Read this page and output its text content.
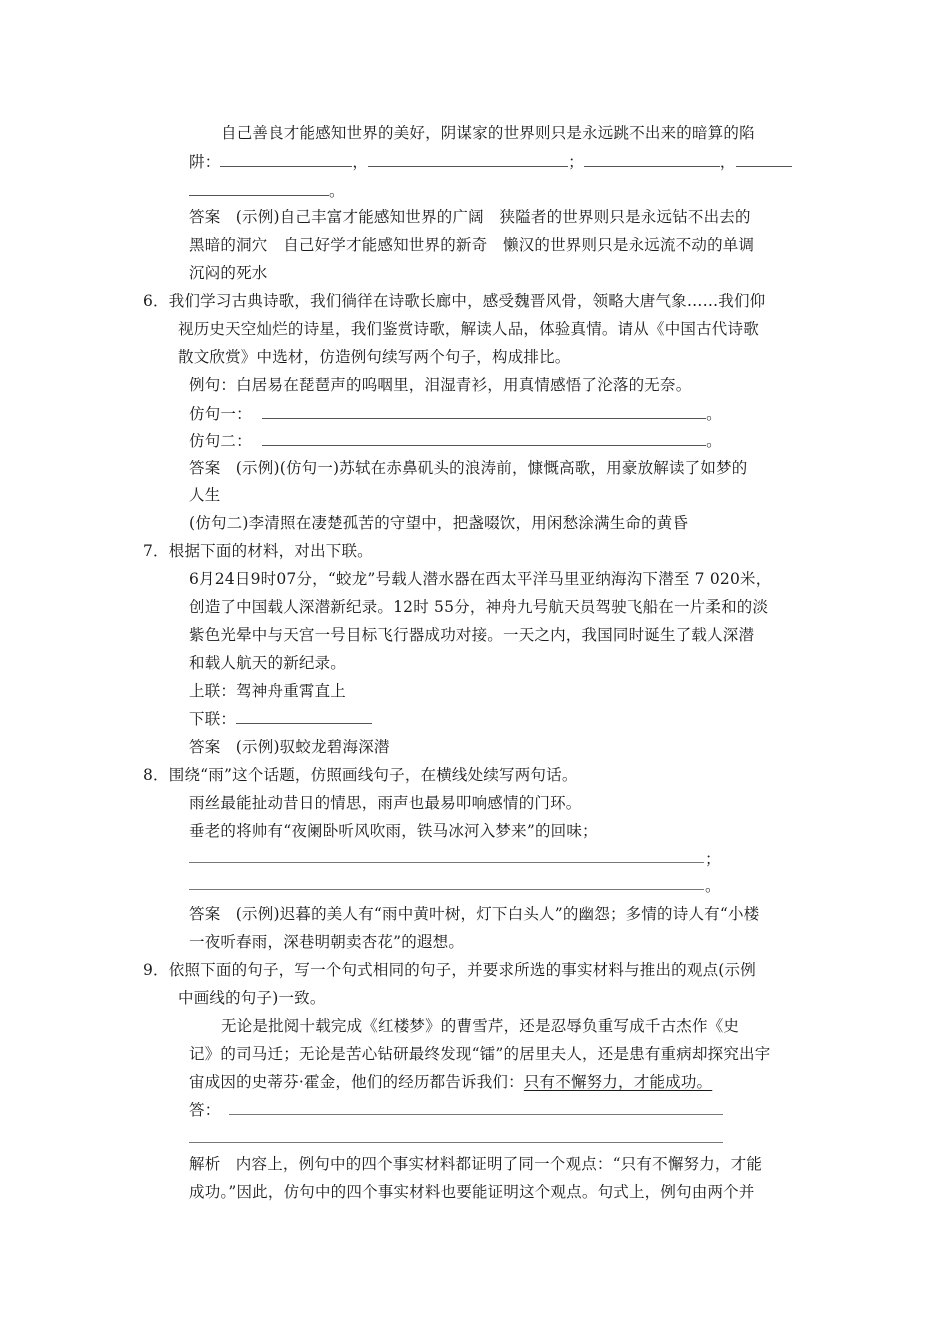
自己善良才能感知世界的美好，阴谋家的世界则只是永远跳不出来的暗算的陷
阱：	，	；	，
。
答案 (示例)自己丰富才能感知世界的广阔　狭隘者的世界则只是永远钻不出去的
黑暗的洞穴　自己好学才能感知世界的新奇　懒汉的世界则只是永远流不动的单调
沉闷的死水
6．我们学习古典诗歌，我们徜徉在诗歌长廊中，感受魏晋风骨，领略大唐气象……我们仰
视历史天空灿烂的诗星，我们鉴赏诗歌，解读人品，体验真情。请从《中国古代诗歌
散文欣赏》中选材，仿造例句续写两个句子，构成排比。
例句：白居易在琵琶声的呜咽里，泪湿青衫，用真情感悟了沦落的无奈。
仿句一：	。
仿句二：	。
答案 (示例)(仿句一)苏轼在赤鼻矶头的浪涛前，慷慨高歌，用豪放解读了如梦的
人生
(仿句二)李清照在凄楚孤苦的守望中，把盏啜饮，用闲愁涂满生命的黄昏
7．根据下面的材料，对出下联。
6月24日9时07分，“蛟龙”号载人潜水器在西太平洋马里亚纳海沟下潜至 7 020米，
创造了中国载人深潜新纪录。12时 55分，神舟九号航天员驾驶飞船在一片柔和的淡
紫色光晕中与天宫一号目标飞行器成功对接。一天之内，我国同时诞生了载人深潜
和载人航天的新纪录。
上联：驾神舟重霄直上
下联：
答案 (示例)驭蛟龙碧海深潜
8．围绕“雨”这个话题，仿照画线句子，在横线处续写两句话。
雨丝最能扯动昔日的情思，雨声也最易叩响感情的门环。
垂老的将帅有“夜阑卧听风吹雨，铁马冰河入梦来”的回味；
；
。
答案 (示例)迟暮的美人有“雨中黄叶树，灯下白头人”的幽怨；多情的诗人有“小楼
一夜听春雨，深巷明朝卖杏花”的遐想。
9．依照下面的句子，写一个句式相同的句子，并要求所选的事实材料与推出的观点(示例
中画线的句子)一致。
无论是批阅十载完成《红楼梦》的曹雪芹，还是忍辱负重写成千古杰作《史
记》的司马迁；无论是苦心钻研最终发现“镭”的居里夫人，还是患有重病却探究出宇
宙成因的史蒂芬·霍金，他们的经历都告诉我们：只有不懈努力，才能成功。
答：
解析 内容上，例句中的四个事实材料都证明了同一个观点：“只有不懈努力，才能
成功。”因此，仿句中的四个事实材料也要能证明这个观点。句式上，例句由两个并
